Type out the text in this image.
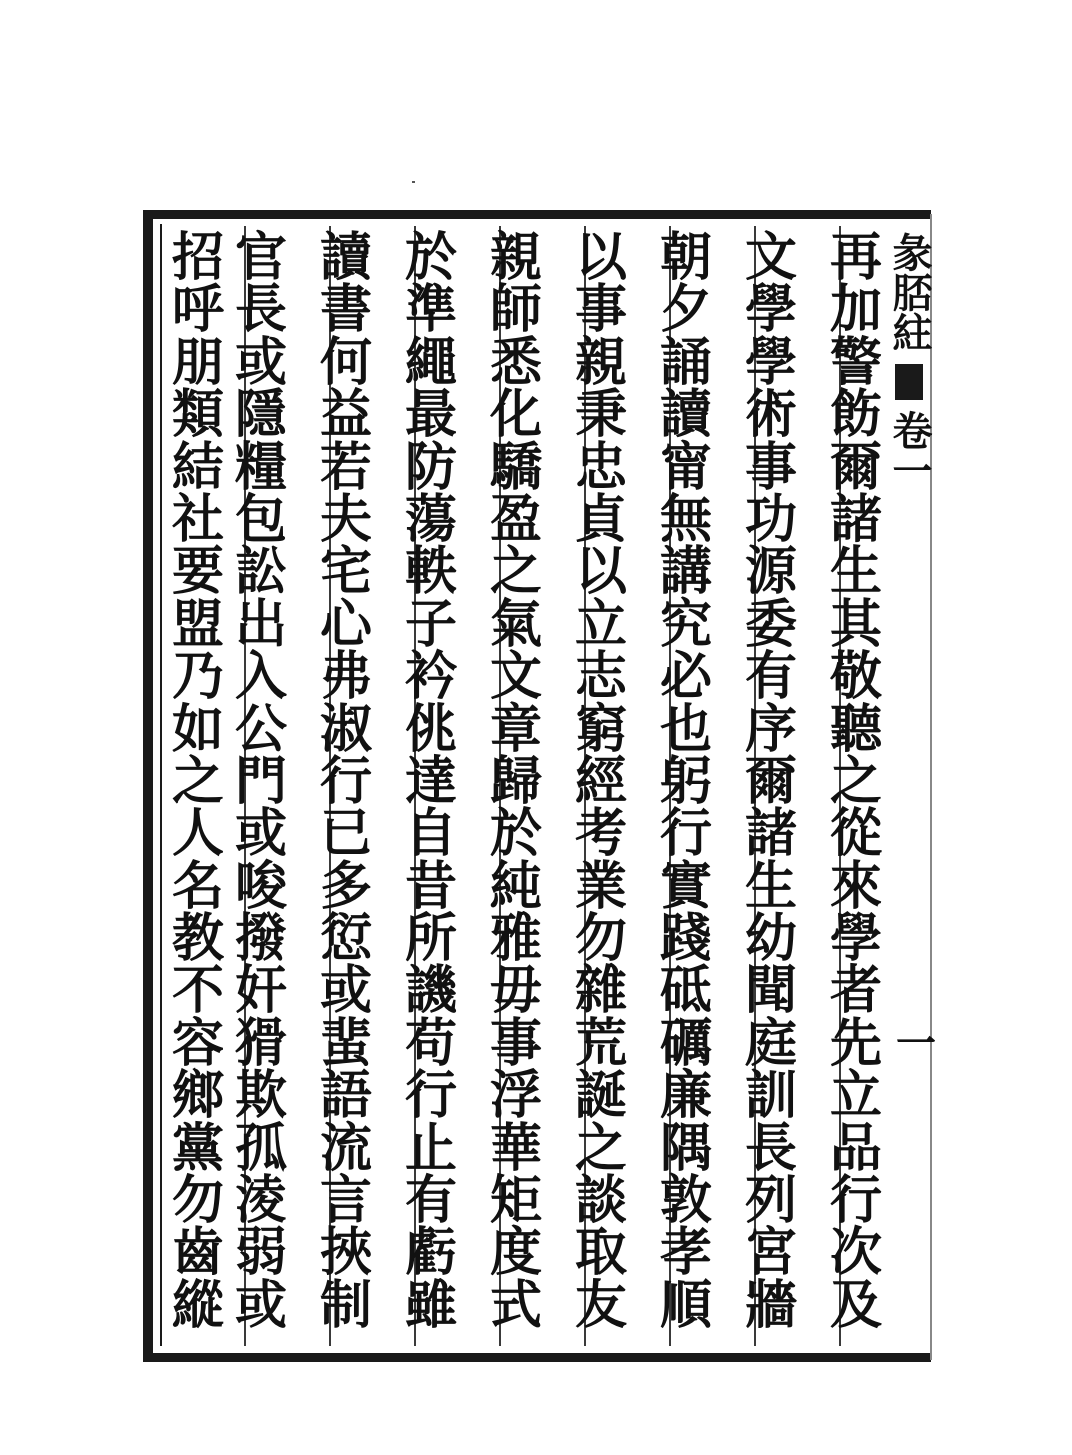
再
加
警
飭
爾
諸
生
其
敬
聽
之
從
來
學
者
先
立
品
行
次
及
文
學
學
術
事
功
源
委
有
序
爾
諸
生
幼
聞
庭
訓
長
列
宮
牆
朝
夕
誦
讀
甯
無
講
究
必
也
躬
行
實
踐
砥
礪
廉
隅
敦
孝
順
以
事
親
秉
忠
貞
以
立
志
窮
經
考
業
勿
雜
荒
誕
之
談
取
友
親
師
悉
化
驕
盈
之
氣
文
章
歸
於
純
雅
毋
事
浮
華
矩
度
式
於
準
繩
最
防
蕩
軼
子
衿
佻
達
自
昔
所
譏
苟
行
止
有
虧
雖
讀
書
何
益
若
夫
宅
心
弗
淑
行
已
多
愆
或
蜚
語
流
言
挾
制
官
長
或
隱
糧
包
訟
出
入
公
門
或
唆
撥
奸
猾
欺
孤
淩
弱
或
招
呼
朋
類
結
社
要
盟
乃
如
之
人
名
教
不
容
鄉
黨
勿
齒
縱
彖脴紸
卷一
一
